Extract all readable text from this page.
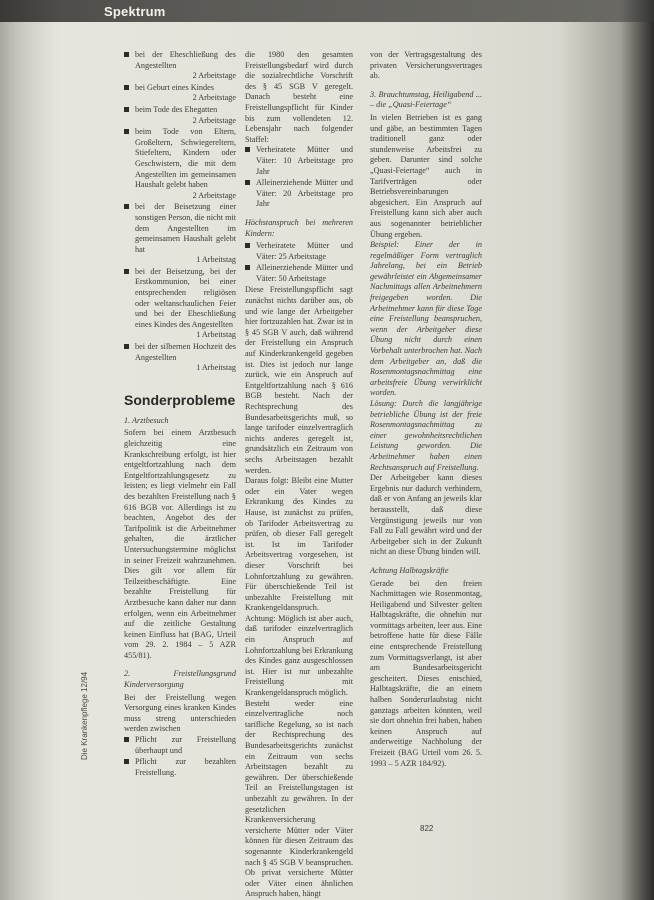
Spektrum
bei der Eheschließung des Angestellten
2 Arbeitstage
bei Geburt eines Kindes
2 Arbeitstage
beim Tode des Ehegatten
2 Arbeitstage
beim Tode von Eltern, Großeltern, Schwiegereltern, Stiefeltern, Kindern oder Geschwistern, die mit dem Angestellten im gemeinsamen Haushalt gelebt haben
2 Arbeitstage
bei der Beisetzung einer sonstigen Person, die nicht mit dem Angestellten im gemeinsamen Haushalt gelebt hat
1 Arbeitstag
bei der Beisetzung, bei der Erstkommunion, bei einer entsprechenden religiösen oder weltanschaulichen Feier und bei der Eheschließung eines Kindes des Angestellten
1 Arbeitstag
bei der silbernen Hochzeit des Angestellten
1 Arbeitstag
Sonderprobleme

1. Arztbesuch

Sofern bei einem Arztbesuch gleichzeitig eine Krankschreibung erfolgt, ist hier entgeltfortzahlung nach dem Entgeltfortzahlungsgesetz zu leisten; es liegt vielmehr ein Fall des bezahlten Freistellung nach § 616 BGB vor. Allerdings ist zu beachten, Angebot des der Tarifpolitik ist die Arbeitnehmer gehalten, die ärztlicher Untersuchungstermine möglichst in seiner Freizeit wahrzunehmen. Dies gilt vor allem für Teilzeitbeschäftigte. Eine bezahlte Freistellung für Arztbesuche kann daher nur dann erfolgen, wenn ein Arbeitnehmer auf die zeitliche Gestaltung keinen Einfluss hat (BAG, Urteil vom 29. 2. 1984 – 5 AZR 455/81).

2. Freistellungsgrund Kinderversorgung

Bei der Freistellung wegen Versorgung eines kranken Kindes muss streng unterschieden werden zwischen

Pflicht zur Freistellung überhaupt und
Pflicht zur bezahlten Freistellung.

die 1980 den gesamten Freistellungsbedarf wird durch die sozialrechtliche Vorschrift des § 45 SGB V geregelt. Danach besteht eine Freistellungspflicht für Kinder bis zum vollendeten 12. Lebensjahr nach folgender Staffel:

Verheiratete Mütter und Väter: 10 Arbeitstage pro Jahr
Alleinerziehende Mütter und Väter: 20 Arbeitstage pro Jahr

Höchstanspruch bei mehreren Kindern:

Verheiratete Mütter und Väter: 25 Arbeitstage
Alleinerziehende Mütter und Väter: 50 Arbeitstage

Diese Freistellungspflicht sagt zunächst nichts darüber aus, ob und wie lange der Arbeitgeber hier fortzuzahlen hat. Zwar ist in § 45 SGB V auch, daß während der Freistellung ein Anspruch auf Kinderkrankengeld gegeben ist. Dies ist jedoch nur lange zurück, wie ein Anspruch auf Entgeltfortzahlung nach § 616 BGB besteht. Nach der Rechtsprechung des Bundesarbeitsgerichts muß, so lange tarifoder einzelvertraglich nichts anderes geregelt ist, grundsätzlich ein Zeitraum von sechs Arbeitstagen bezahlt werden.

Daraus folgt: Bleibt eine Mutter oder ein Vater wegen Erkrankung des Kindes zu Hause, ist zunächst zu prüfen, ob Tarifoder Arbeitsvertrag zu prüfen, ob dieser Fall geregelt ist. Ist im Tarifoder Arbeitsvertrag vorgesehen, ist dieser Vorschrift bei Lohnfortzahlung zu gewähren. Für überschießende Teil ist unbezahlte Freistellung mit Krankengeldanspruch.

Achtung: Möglich ist aber auch, daß tarifoder einzelvertraglich ein Anspruch auf Lohnfortzahlung bei Erkrankung des Kindes ganz ausgeschlossen ist. Hier ist nur unbezahlte Freistellung mit Krankengeldanspruch möglich.

Besteht weder eine einzelvertragliche noch tarifliche Regelung, so ist nach der Rechtsprechung des Bundesarbeitsgerichts zunächst ein Zeitraum von sechs Arbeitstagen bezahlt zu gewähren. Der überschießende Teil an Freistellungstagen ist unbezahlt zu gewähren. In der gesetzlichen Krankenversicherung versicherte Mütter oder Väter können für diesen Zeitraum das sogenannte Kinderkrankengeld nach § 45 SGB V beanspruchen. Ob privat versicherte Mütter oder Väter einen ähnlichen Anspruch haben, hängt

von der Vertragsgestaltung des privaten Versicherungsvertrages ab.

3. Brauchtumstag, Heiligabend ... – die „Quasi-Feiertage“

In vielen Betrieben ist es gang und gäbe, an bestimmten Tagen traditionell ganz oder stundenweise Arbeitsfrei zu geben. Darunter sind solche „Quasi-Feiertage“ auch in Tarifverträgen oder Betriebsvereinbarungen abgesichert. Ein Anspruch auf Freistellung kann sich aber auch aus sogenannter betrieblicher Übung ergeben.

Beispiel: Einer der in regelmäßiger Form vertraglich Jahrelang, bei ein Betrieb gewährleistet ein Abgemeinsamer Nachmittags allen Arbeitnehmern freigegeben worden. Die Arbeitnehmer kann für diese Tage eine Freistellung beanspruchen, wenn der Arbeitgeber diese Übung nicht durch einen Vorbehalt unterbrochen hat. Nach dem Arbeitgeber an, daß die Rosenmontagsnachmittag eine arbeitsfreie Übung verwirklicht worden.

Lösung: Durch die langjährige betriebliche Übung ist der freie Rosenmontagsnachmittag zu einer gewohnheitsrechtlichen Leistung geworden. Die Arbeitnehmer haben einen Rechtsanspruch auf Freistellung.

Der Arbeitgeber kann dieses Ergebnis nur dadurch verhindern, daß er von Anfang an jeweils klar herausstellt, daß diese Vergünstigung jeweils nur von Fall zu Fall gewährt wird und der Arbeitgeber sich in der Zukunft nicht an diese Übung binden will.

Achtung Halbtagskräfte

Gerade bei den freien Nachmittagen wie Rosenmontag, Heiligabend und Silvester gelten Halbtagskräfte, die ohnehin nur vormittags arbeiten, leer aus. Eine betroffene hatte für diese Fälle eine entsprechende Freistellung zum Vormittagsverlangt, ist aber am Bundesarbeitsgericht gescheitert. Dieses entschied, Halbtagskräfte, die an einem halben Sonderurlaubstag nicht ganztags arbeiten könnten, weil sie dort ohnehin frei haben, haben keinen Anspruch auf anderweitige Nachholung der Freizeit (BAG Urteil vom 26. 5. 1993 – 5 AZR 184/92).

Die Krankenpflege 12/94
822
